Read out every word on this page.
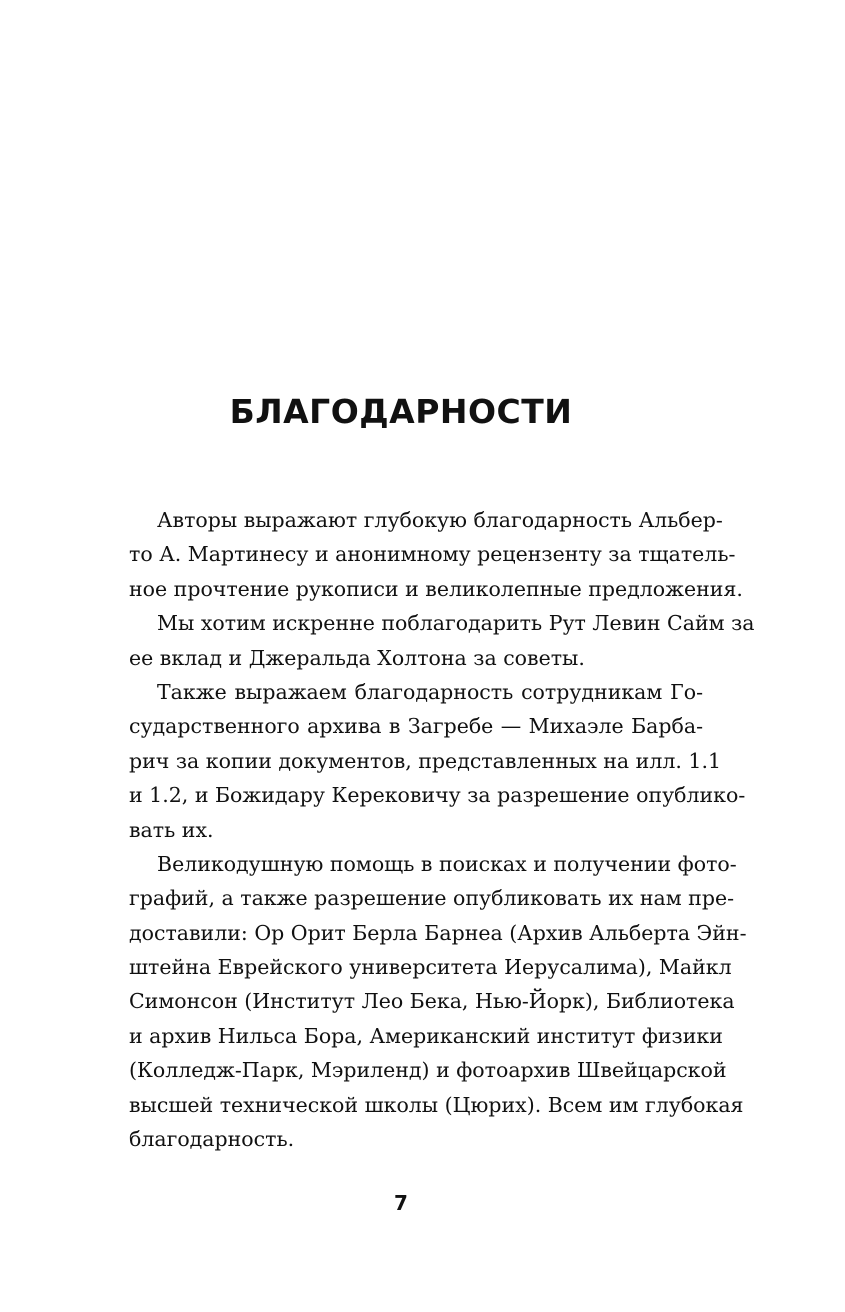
БЛАГОДАРНОСТИ
Авторы выражают глубокую благодарность Альбер-
то А. Мартинесу и анонимному рецензенту за тщатель-
ное прочтение рукописи и великолепные предложения.
Мы хотим искренне поблагодарить Рут Левин Сайм за
ее вклад и Джеральда Холтона за советы.
Также выражаем благодарность сотрудникам Го-
сударственного архива в Загребе — Михаэле Барба-
рич за копии документов, представленных на илл. 1.1
и 1.2, и Божидару Керековичу за разрешение опублико-
вать их.
Великодушную помощь в поисках и получении фото-
графий, а также разрешение опубликовать их нам пре-
доставили: Ор Орит Берла Барнеа (Архив Альберта Эйн-
штейна Еврейского университета Иерусалима), Майкл
Симонсон (Институт Лео Бека, Нью-Йорк), Библиотека
и архив Нильса Бора, Американский институт физики
(Колледж-Парк, Мэриленд) и фотоархив Швейцарской
высшей технической школы (Цюрих). Всем им глубокая
благодарность.
7
